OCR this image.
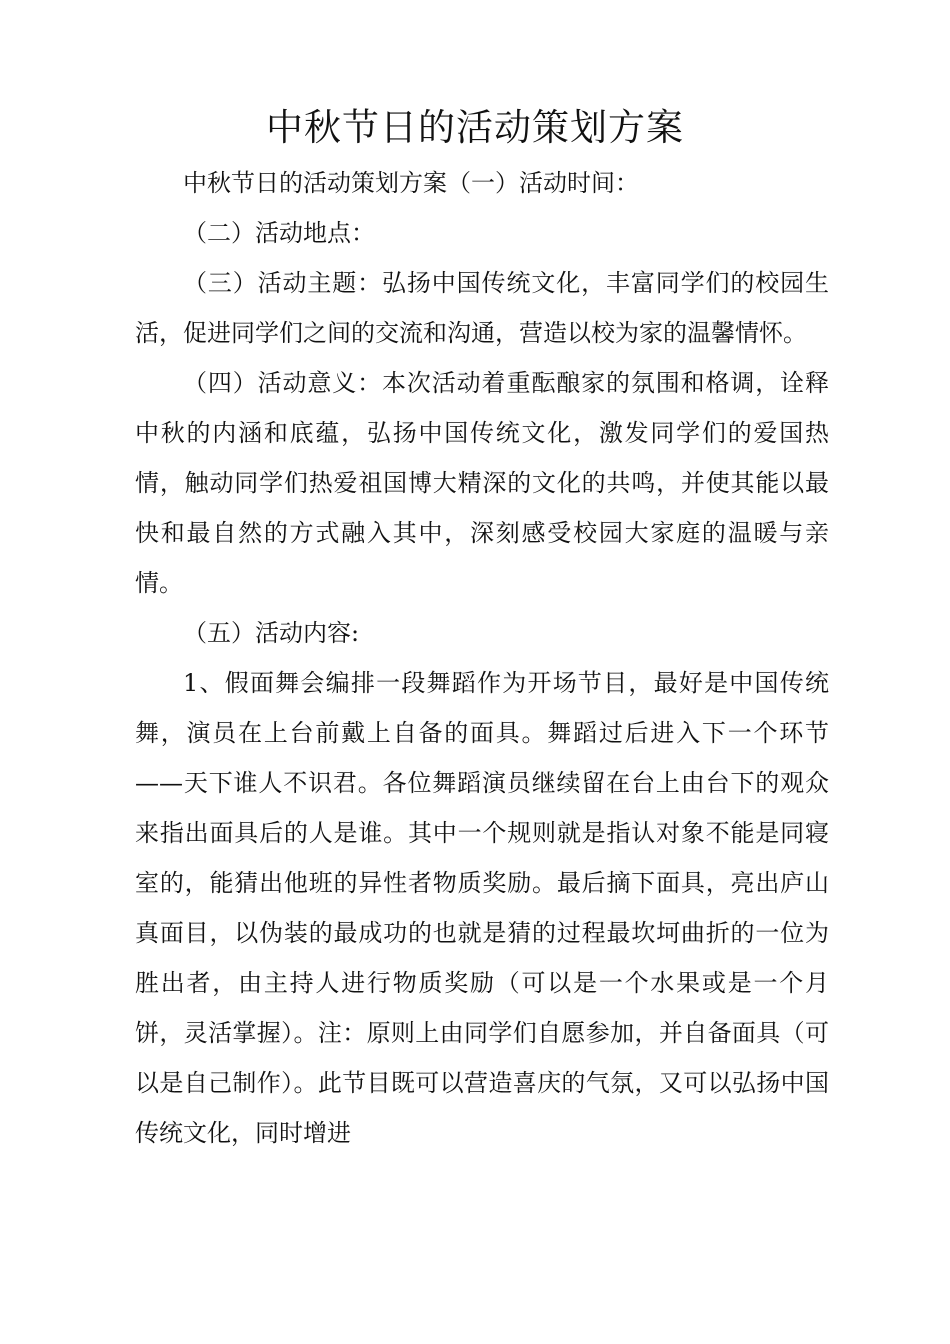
中秋节日的活动策划方案

中秋节日的活动策划方案（一）活动时间：

（二）活动地点：

（三）活动主题：弘扬中国传统文化，丰富同学们的校园生活，促进同学们之间的交流和沟通，营造以校为家的温馨情怀。

（四）活动意义：本次活动着重酝酿家的氛围和格调，诠释中秋的内涵和底蕴，弘扬中国传统文化，激发同学们的爱国热情，触动同学们热爱祖国博大精深的文化的共鸣，并使其能以最快和最自然的方式融入其中，深刻感受校园大家庭的温暖与亲情。

（五）活动内容:

1、假面舞会编排一段舞蹈作为开场节目，最好是中国传统舞，演员在上台前戴上自备的面具。舞蹈过后进入下一个环节——天下谁人不识君。各位舞蹈演员继续留在台上由台下的观众来指出面具后的人是谁。其中一个规则就是指认对象不能是同寝室的，能猜出他班的异性者物质奖励。最后摘下面具，亮出庐山真面目，以伪装的最成功的也就是猜的过程最坎坷曲折的一位为胜出者，由主持人进行物质奖励（可以是一个水果或是一个月饼，灵活掌握）。注：原则上由同学们自愿参加，并自备面具（可以是自己制作）。此节目既可以营造喜庆的气氛，又可以弘扬中国传统文化，同时增进
